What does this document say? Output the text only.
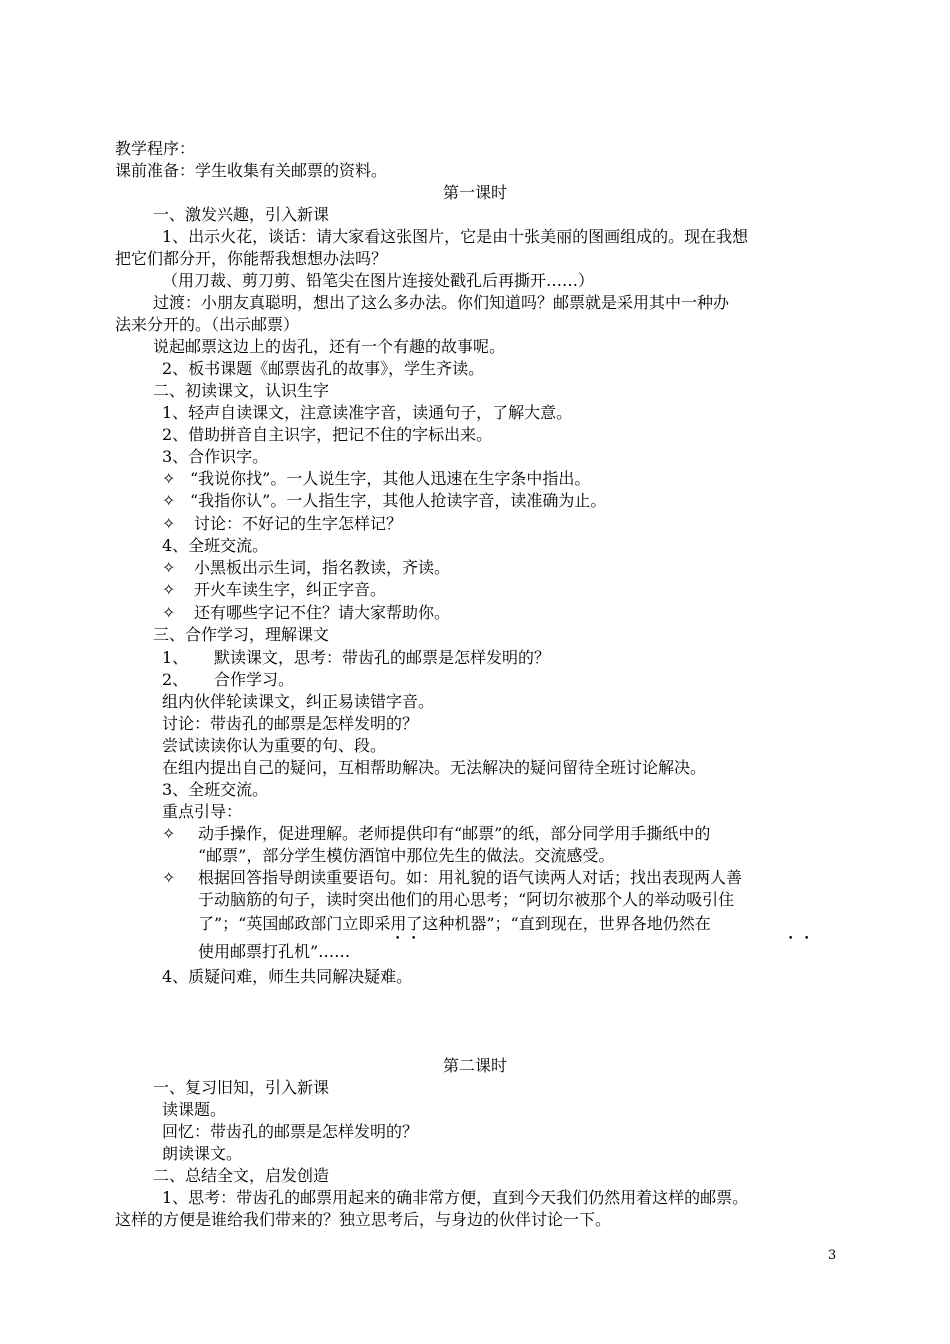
教学程序：
课前准备：学生收集有关邮票的资料。
第一课时
一、激发兴趣，引入新课
1、出示火花，谈话：请大家看这张图片，它是由十张美丽的图画组成的。现在我想
把它们都分开，你能帮我想想办法吗？
（用刀裁、剪刀剪、铅笔尖在图片连接处戳孔后再撕开……）
过渡：小朋友真聪明，想出了这么多办法。你们知道吗？邮票就是采用其中一种办
法来分开的。（出示邮票）
说起邮票这边上的齿孔，还有一个有趣的故事呢。
2、板书课题《邮票齿孔的故事》，学生齐读。
二、初读课文，认识生字
1、轻声自读课文，注意读准字音，读通句子，了解大意。
2、借助拼音自主识字，把记不住的字标出来。
3、合作识字。
✧ “我说你找”。一人说生字，其他人迅速在生字条中指出。
✧ “我指你认”。一人指生字，其他人抢读字音，读准确为止。
✧ 讨论：不好记的生字怎样记？
4、全班交流。
✧ 小黑板出示生词，指名教读，齐读。
✧ 开火车读生字，纠正字音。
✧ 还有哪些字记不住？请大家帮助你。
三、合作学习，理解课文
1、 默读课文，思考：带齿孔的邮票是怎样发明的？
2、 合作学习。
组内伙伴轮读课文，纠正易读错字音。
讨论：带齿孔的邮票是怎样发明的？
尝试读读你认为重要的句、段。
在组内提出自己的疑问，互相帮助解决。无法解决的疑问留待全班讨论解决。
3、全班交流。
重点引导：
✧ 动手操作，促进理解。老师提供印有“邮票”的纸，部分同学用手撕纸中的
“邮票”，部分学生模仿酒馆中那位先生的做法。交流感受。
✧ 根据回答指导朗读重要语句。如：用礼貌的语气读两人对话；找出表现两人善
于动脑筋的句子，读时突出他们的用心思考；“阿切尔被那个人的举动吸引住
了”；“英国邮政部门立即采用了这种机器”；“直到现在，世界各地仍然在
• •	• •
使用邮票打孔机”……
4、质疑问难，师生共同解决疑难。
第二课时
一、复习旧知，引入新课
读课题。
回忆：带齿孔的邮票是怎样发明的？
朗读课文。
二、总结全文，启发创造
1、思考：带齿孔的邮票用起来的确非常方便，直到今天我们仍然用着这样的邮票。
这样的方便是谁给我们带来的？独立思考后，与身边的伙伴讨论一下。
3
